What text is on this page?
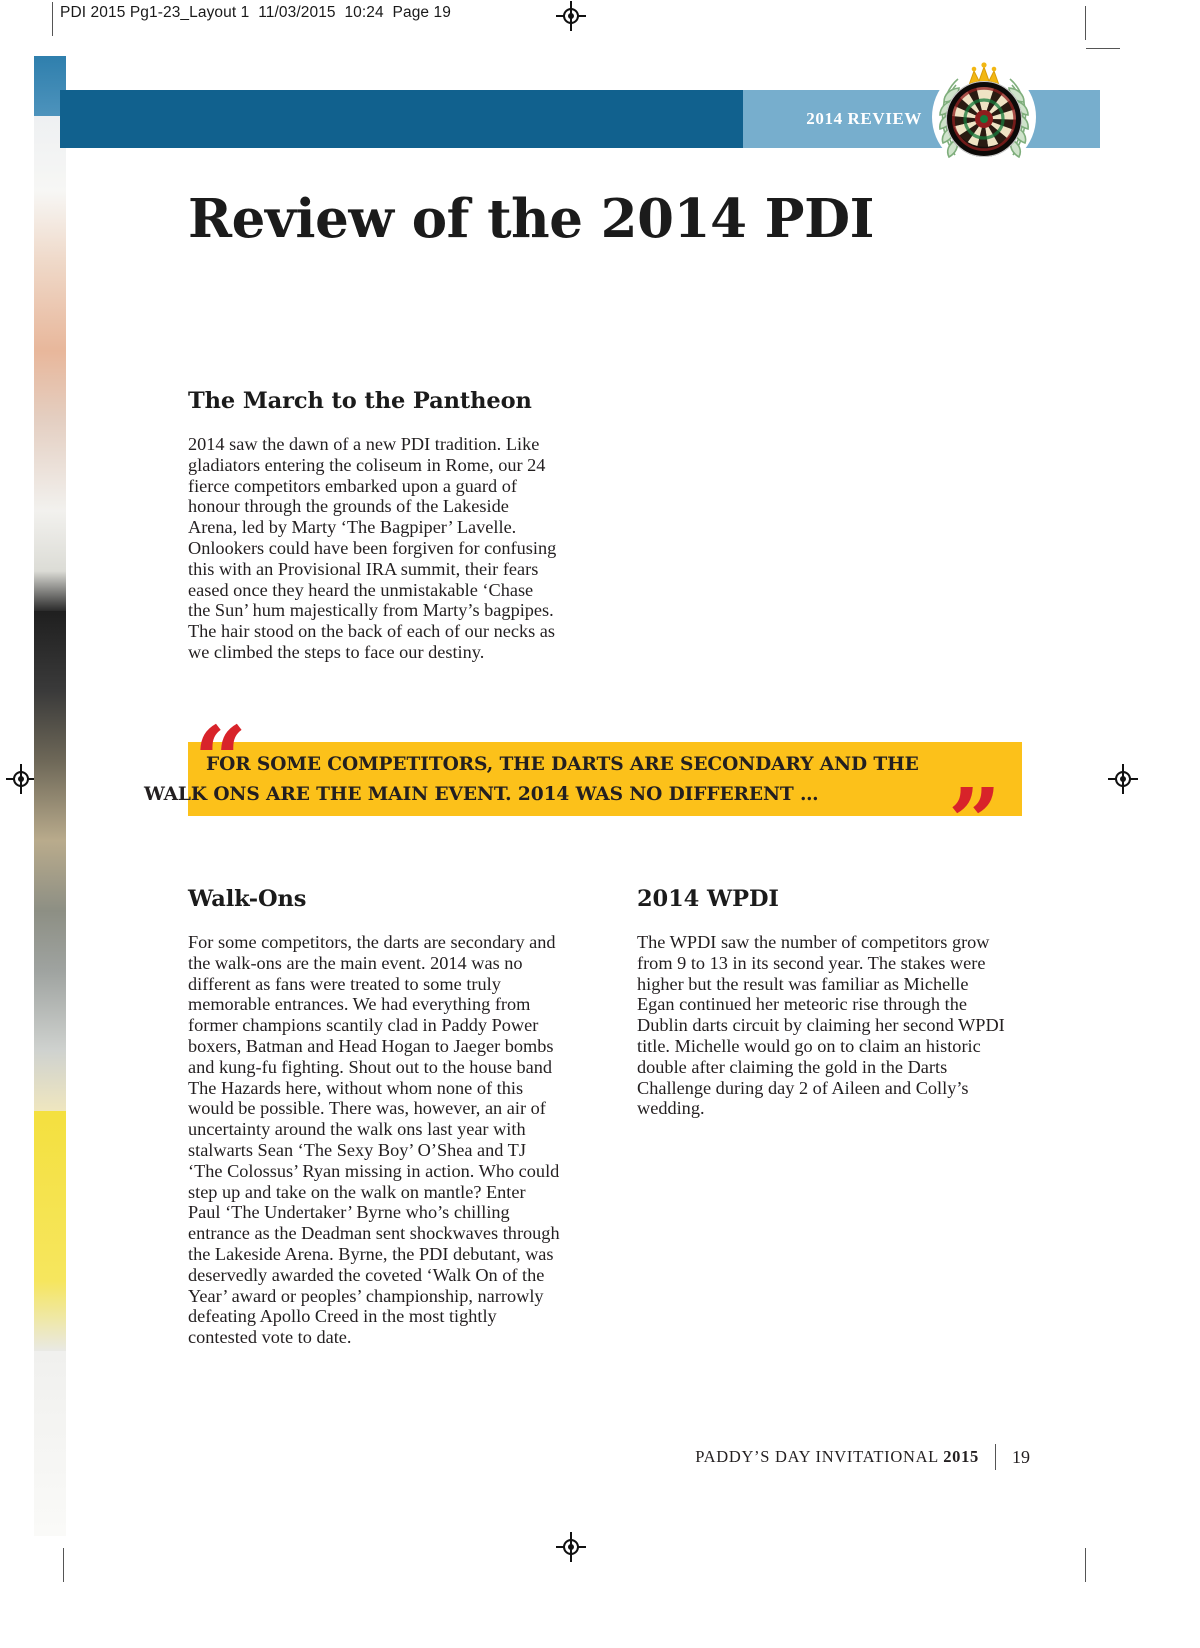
PDI 2015 Pg1-23_Layout 1  11/03/2015  10:24  Page 19
2014 REVIEW
Review of the 2014 PDI
The March to the Pantheon

2014 saw the dawn of a new PDI tradition. Like gladiators entering the coliseum in Rome, our 24 fierce competitors embarked upon a guard of honour through the grounds of the Lakeside Arena, led by Marty ‘The Bagpiper’ Lavelle. Onlookers could have been forgiven for confusing this with an Provisional IRA summit, their fears eased once they heard the unmistakable ‘Chase the Sun’ hum majestically from Marty’s bagpipes. The hair stood on the back of each of our necks as we climbed the steps to face our destiny.

“
FOR SOME COMPETITORS, THE DARTS ARE SECONDARY AND THE
WALK ONS ARE THE MAIN EVENT. 2014 WAS NO DIFFERENT …	”
Walk-Ons

For some competitors, the darts are secondary and the walk-ons are the main event. 2014 was no different as fans were treated to some truly memorable entrances. We had everything from former champions scantily clad in Paddy Power boxers, Batman and Head Hogan to Jaeger bombs and kung-fu fighting. Shout out to the house band The Hazards here, without whom none of this would be possible. There was, however, an air of uncertainty around the walk ons last year with stalwarts Sean ‘The Sexy Boy’ O’Shea and TJ ‘The Colossus’ Ryan missing in action. Who could step up and take on the walk on mantle? Enter Paul ‘The Undertaker’ Byrne who’s chilling entrance as the Deadman sent shockwaves through the Lakeside Arena. Byrne, the PDI debutant, was deservedly awarded the coveted ‘Walk On of the Year’ award or peoples’ championship, narrowly defeating Apollo Creed in the most tightly contested vote to date.

2014 WPDI

The WPDI saw the number of competitors grow from 9 to 13 in its second year. The stakes were higher but the result was familiar as Michelle Egan continued her meteoric rise through the Dublin darts circuit by claiming her second WPDI title. Michelle would go on to claim an historic double after claiming the gold in the Darts Challenge during day 2 of Aileen and Colly’s wedding.

PADDY’S DAY INVITATIONAL 2015 19
